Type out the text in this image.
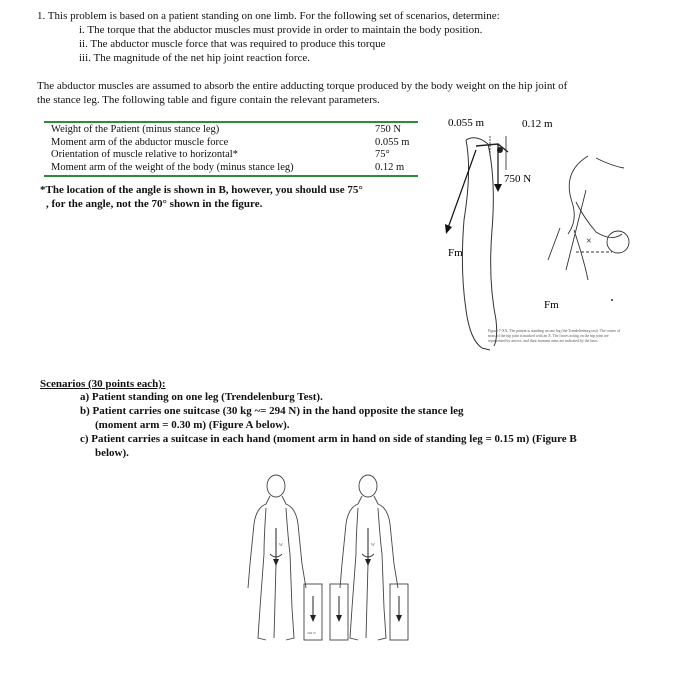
1. This problem is based on a patient standing on one limb. For the following set of scenarios, determine:
i. The torque that the abductor muscles must provide in order to maintain the body position.
ii. The abductor muscle force that was required to produce this torque
iii. The magnitude of the net hip joint reaction force.
The abductor muscles are assumed to absorb the entire adducting torque produced by the body weight on the hip joint of
the stance leg. The following table and figure contain the relevant parameters.
Weight of the Patient (minus stance leg)	750 N
Moment arm of the abductor muscle force	0.055 m
Orientation of muscle relative to horizontal*	75°
Moment arm of the weight of the body (minus stance leg)	0.12 m
*The location of the angle is shown in B, however, you should use 75°
, for the angle, not the 70° shown in the figure.
0.055 m	0.12 m
750 N
Fm
×
Fm
Figure 7-XX. The patient is standing on one leg (the Trendelenburg test). The center of
mass of the hip joint is marked with an X. The forces acting on the hip joint are
represented by arrows, and their moment arms are indicated by the lines.
Scenarios (30 points each):
a) Patient standing on one leg (Trendelenburg Test).
b) Patient carries one suitcase (30 kg ~= 294 N) in the hand opposite the stance leg
(moment arm = 0.30 m) (Figure A below).
c) Patient carries a suitcase in each hand (moment arm in hand on side of standing leg = 0.15 m) (Figure B
below).
W
294 N
W
